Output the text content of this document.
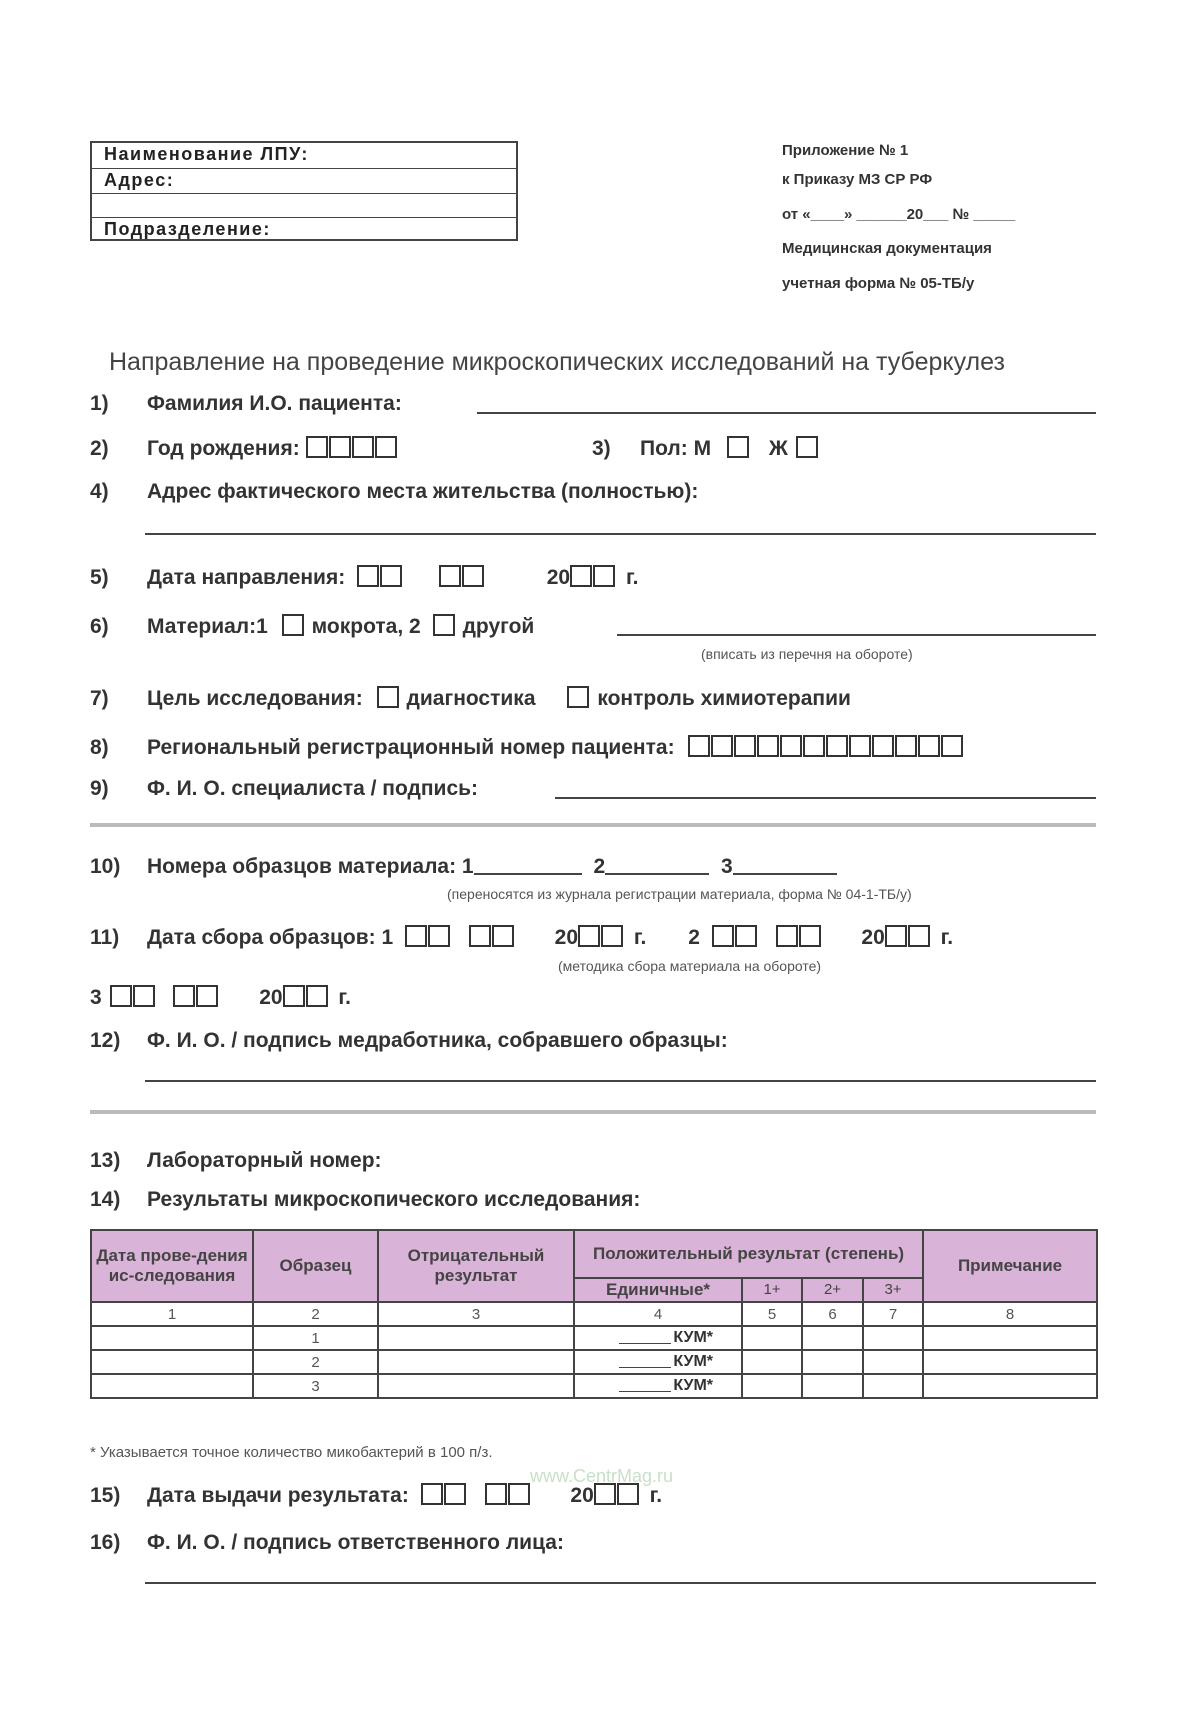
Наименование ЛПУ:
Адрес:
Подразделение:
Приложение № 1
к Приказу МЗ СР РФ
от «____» ______20___ № _____
Медицинская документация
учетная форма № 05-ТБ/у
Направление на проведение микроскопических исследований на туберкулез
1) Фамилия И.О. пациента:
2) Год рождения:	3) Пол: М	Ж
4) Адрес фактического места жительства (полностью):
5) Дата направления:	20	г.
6) Материал:1 мокрота, 2 другой
(вписать из перечня на обороте)
7) Цель исследования: диагностика	контроль химиотерапии
8) Региональный регистрационный номер пациента:
9) Ф. И. О. специалиста / подпись:
10) Номера образцов материала: 1	2	3
(переносятся из журнала регистрации материала, форма № 04-1-ТБ/у)
11) Дата сбора образцов: 1	20	г. 2	20	г.
(методика сбора материала на обороте)
3	20	г.
12) Ф. И. О. / подпись медработника, собравшего образцы:
13) Лабораторный номер:
14) Результаты микроскопического исследования:
Дата прове-дения ис-следования	Образец	Отрицательный результат	Положительный результат (степень)				Примечание
			Единичные*	1+	2+	3+	
1	2	3	4	5	6	7	8
	1		КУМ*				
	2		КУМ*				
	3		КУМ*				
* Указывается точное количество микобактерий в 100 п/з.
www.CentrMag.ru
15) Дата выдачи результата:	20	г.
16) Ф. И. О. / подпись ответственного лица:
